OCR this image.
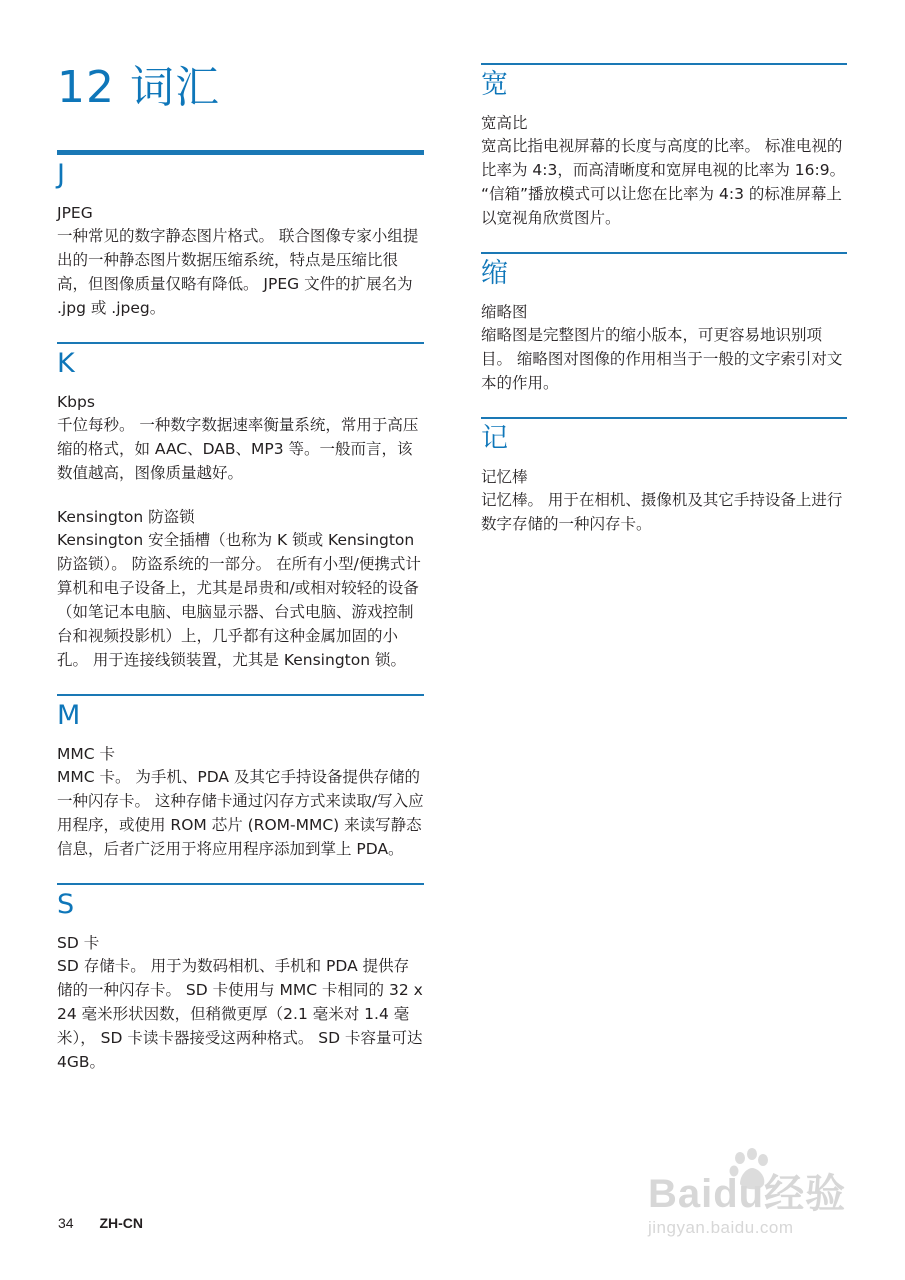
12 词汇
J
JPEG

一种常见的数字静态图片格式。 联合图像专家小组提出的一种静态图片数据压缩系统，特点是压缩比很高，但图像质量仅略有降低。 JPEG 文件的扩展名为 .jpg 或 .jpeg。

K
Kbps

千位每秒。 一种数字数据速率衡量系统，常用于高压缩的格式，如 AAC、DAB、MP3 等。一般而言，该数值越高，图像质量越好。

Kensington 防盗锁

Kensington 安全插槽（也称为 K 锁或 Kensington 防盗锁）。 防盗系统的一部分。 在所有小型/便携式计算机和电子设备上，尤其是昂贵和/或相对较轻的设备（如笔记本电脑、电脑显示器、台式电脑、游戏控制台和视频投影机）上，几乎都有这种金属加固的小孔。 用于连接线锁装置，尤其是 Kensington 锁。

M
MMC 卡

MMC 卡。 为手机、PDA 及其它手持设备提供存储的一种闪存卡。 这种存储卡通过闪存方式来读取/写入应用程序，或使用 ROM 芯片 (ROM-MMC) 来读写静态信息，后者广泛用于将应用程序添加到掌上 PDA。

S
SD 卡

SD 存储卡。 用于为数码相机、手机和 PDA 提供存储的一种闪存卡。 SD 卡使用与 MMC 卡相同的 32 x 24 毫米形状因数，但稍微更厚（2.1 毫米对 1.4 毫米）， SD 卡读卡器接受这两种格式。 SD 卡容量可达 4GB。

宽
宽高比

宽高比指电视屏幕的长度与高度的比率。 标准电视的比率为 4:3，而高清晰度和宽屏电视的比率为 16:9。 “信箱”播放模式可以让您在比率为 4:3 的标准屏幕上以宽视角欣赏图片。

缩
缩略图

缩略图是完整图片的缩小版本，可更容易地识别项目。 缩略图对图像的作用相当于一般的文字索引对文本的作用。

记
记忆棒

记忆棒。 用于在相机、摄像机及其它手持设备上进行数字存储的一种闪存卡。

34 ZH-CN
Baidu经验
jingyan.baidu.com
